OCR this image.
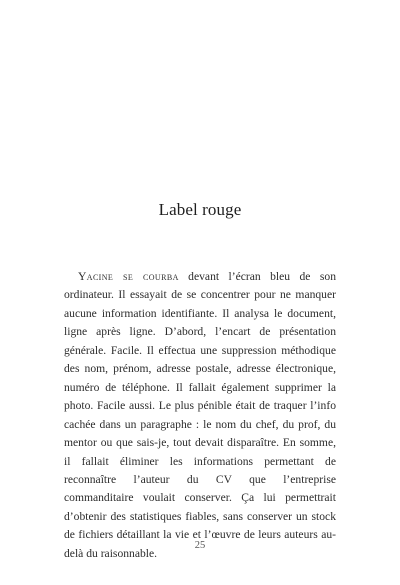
Label rouge

Yacine se courba devant l’écran bleu de son ordinateur. Il essayait de se concentrer pour ne manquer aucune information identifiante. Il analysa le document, ligne après ligne. D’abord, l’encart de présentation générale. Facile. Il effectua une suppression méthodique des nom, prénom, adresse postale, adresse électronique, numéro de téléphone. Il fallait également supprimer la photo. Facile aussi. Le plus pénible était de traquer l’info cachée dans un paragraphe : le nom du chef, du prof, du mentor ou que sais-je, tout devait disparaître. En somme, il fallait éliminer les informations permettant de reconnaître l’auteur du CV que l’entreprise commanditaire voulait conserver. Ça lui permettrait d’obtenir des statistiques fiables, sans conserver un stock de fichiers détaillant la vie et l’œuvre de leurs auteurs au-delà du raisonnable.

25
